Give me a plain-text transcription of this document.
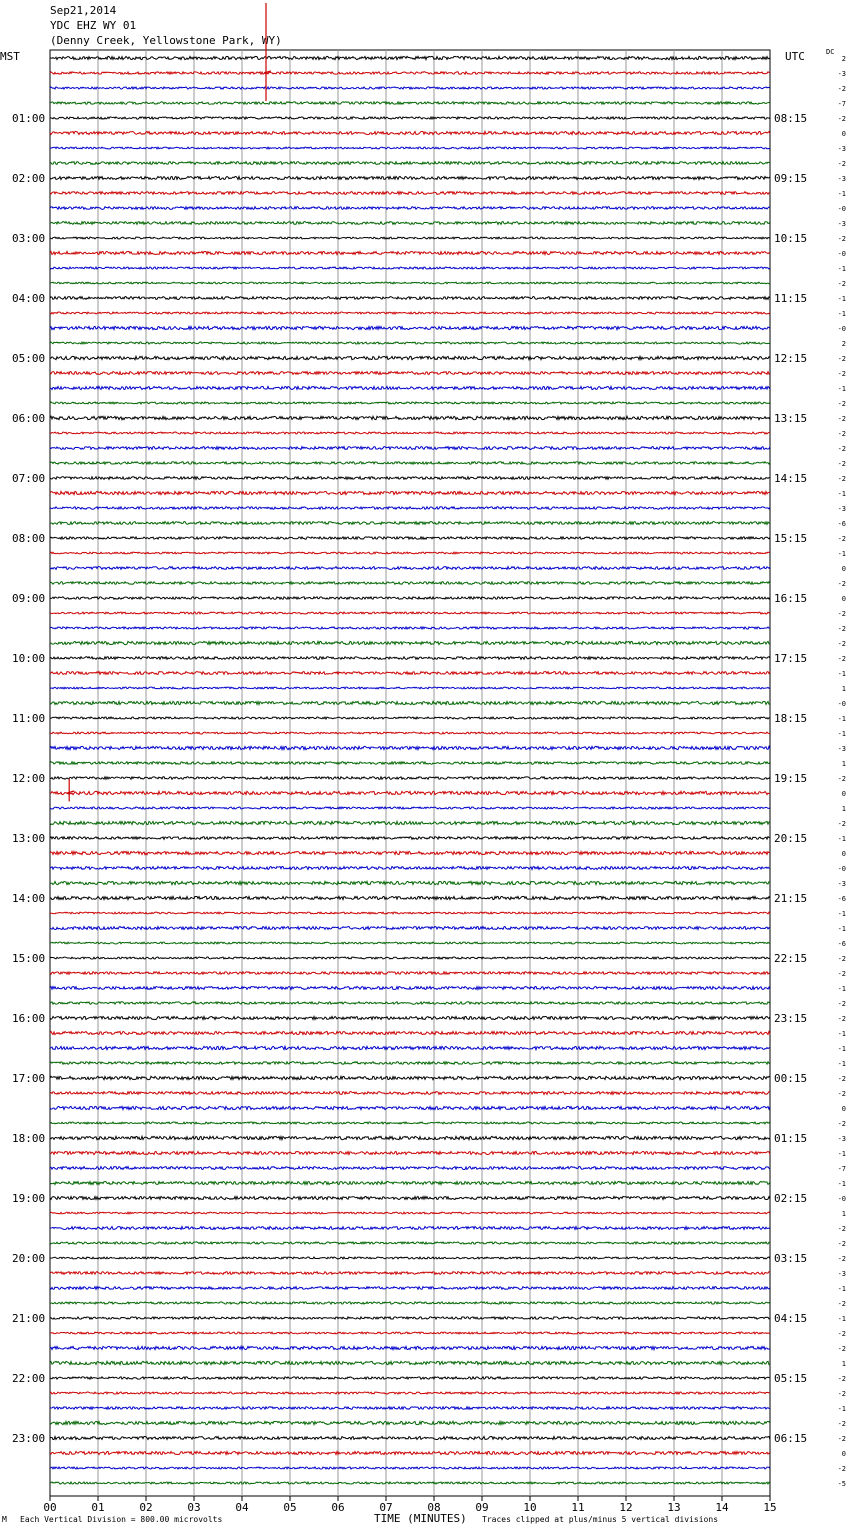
Sep21,2014
YDC EHZ WY 01
(Denny Creek, Yellowstone Park, WY)
MST	UTC	DC
00	01	02	03	04	05	06	07	08	09	10	11	12	13	14	15
2
-3
-2
-7
-2
0
-3
-2
-3
-1
-0
-3
-2
-0
-1
-2
-1
-1
-0
2
-2
-2
-1
-2
-2
-2
-2
-2
-2
-1
-3
-6
-2
-1
0
-2
0
-2
-2
-2
-2
-1
1
-0
-1
-1
-3
1
-2
0
1
-2
-1
0
-0
-3
-6
-1
-1
-6
-2
-2
-1
-2
-2
-1
-1
-1
-2
-2
0
-2
-3
-1
-7
-1
-0
1
-2
-2
-2
-3
-1
-2
-1
-2
-2
1
-2
-2
-1
-2
-2
0
-2
-5
01:00
02:00
03:00
04:00
05:00
06:00
07:00
08:00
09:00
10:00
11:00
12:00
13:00
14:00
15:00
16:00
17:00
18:00
19:00
20:00
21:00
22:00
23:00
08:15
09:15
10:15
11:15
12:15
13:15
14:15
15:15
16:15
17:15
18:15
19:15
20:15
21:15
22:15
23:15
00:15
01:15
02:15
03:15
04:15
05:15
06:15
M Each Vertical Division = 800.00 microvolts	TIME (MINUTES) Traces clipped at plus/minus 5 vertical divisions
